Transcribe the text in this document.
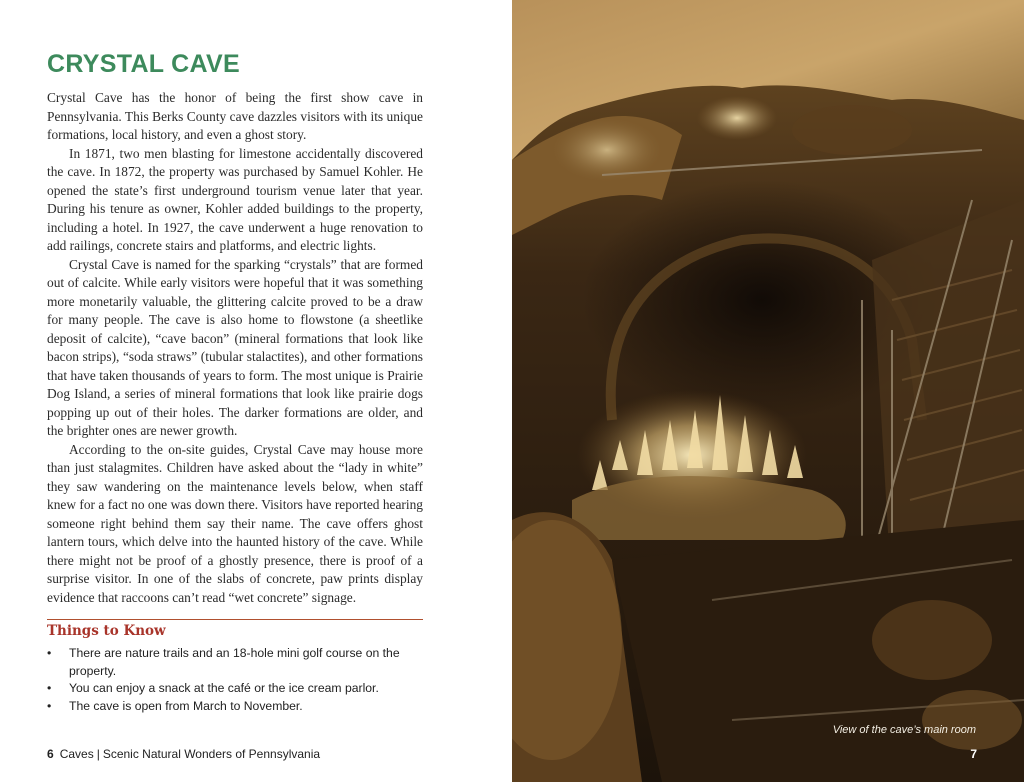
CRYSTAL CAVE

Crystal Cave has the honor of being the first show cave in Pennsylvania. This Berks County cave dazzles visitors with its unique formations, local history, and even a ghost story.

In 1871, two men blasting for limestone accidentally discovered the cave. In 1872, the property was purchased by Samuel Kohler. He opened the state’s first underground tourism venue later that year. During his tenure as owner, Kohler added buildings to the property, including a hotel. In 1927, the cave underwent a huge renovation to add railings, concrete stairs and platforms, and electric lights.

Crystal Cave is named for the sparking “crystals” that are formed out of calcite. While early visitors were hopeful that it was something more monetarily valuable, the glittering calcite proved to be a draw for many people. The cave is also home to flowstone (a sheetlike deposit of calcite), “cave bacon” (mineral formations that look like bacon strips), “soda straws” (tubular stalactites), and other formations that have taken thousands of years to form. The most unique is Prairie Dog Island, a series of mineral formations that look like prairie dogs popping up out of their holes. The darker formations are older, and the brighter ones are newer growth.

According to the on-site guides, Crystal Cave may house more than just stalagmites. Children have asked about the “lady in white” they saw wandering on the maintenance levels below, when staff knew for a fact no one was down there. Visitors have reported hearing someone right behind them say their name. The cave offers ghost lantern tours, which delve into the haunted history of the cave. While there might not be proof of a ghostly presence, there is proof of a surprise visitor. In one of the slabs of concrete, paw prints display evidence that raccoons can’t read “wet concrete” signage.

Things to Know
• There are nature trails and an 18-hole mini golf course on the property.
• You can enjoy a snack at the café or the ice cream parlor.
• The cave is open from March to November.
6 Caves | Scenic Natural Wonders of Pennsylvania
View of the cave’s main room
7
